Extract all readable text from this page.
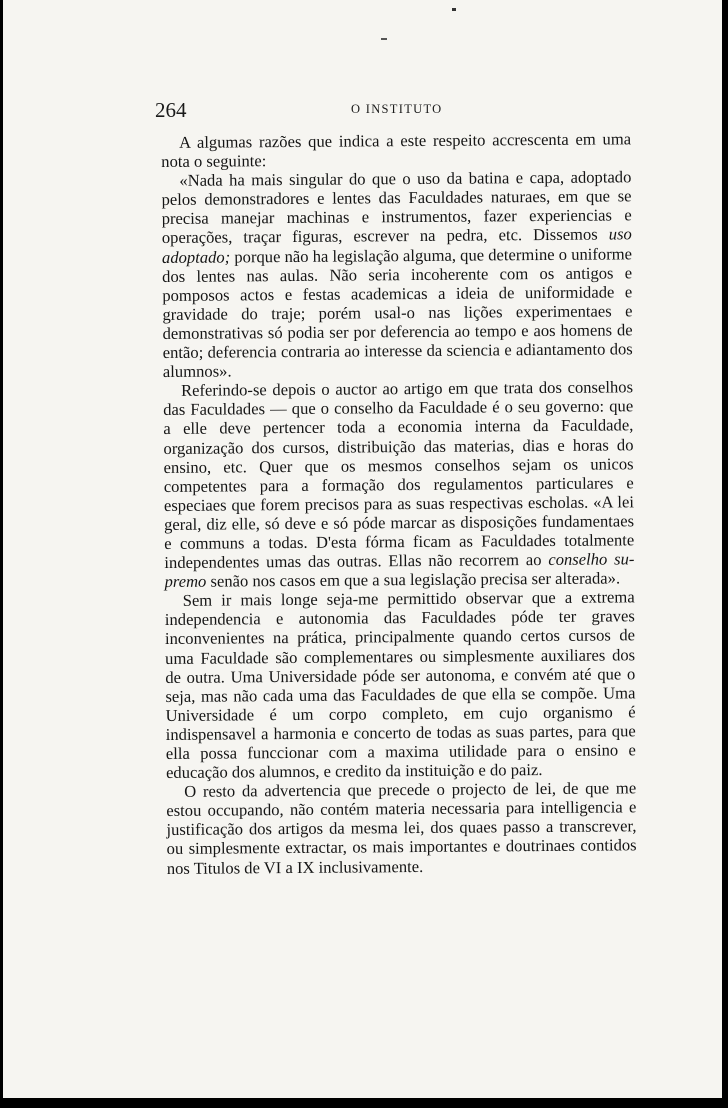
264	O INSTITUTO

A algumas razões que indica a este respeito accrescenta em uma nota o seguinte:

«Nada ha mais singular do que o uso da batina e capa, adoptado pelos demonstradores e lentes das Faculdades naturaes, em que se precisa manejar machinas e instrumentos, fazer experiencias e operações, traçar figuras, escrever na pedra, etc. Dissemos uso adoptado; porque não ha legislação alguma, que determine o uniforme dos lentes nas aulas. Não seria incoherente com os antigos e pomposos actos e festas academicas a ideia de uniformidade e gravidade do traje; porém usal-o nas lições experimentaes e demonstrativas só podia ser por deferencia ao tempo e aos homens de então; deferencia contraria ao interesse da sciencia e adiantamento dos alumnos».

Referindo-se depois o auctor ao artigo em que trata dos conselhos das Faculdades — que o conselho da Faculdade é o seu governo: que a elle deve pertencer toda a economia interna da Faculdade, organização dos cursos, distribuição das materias, dias e horas do ensino, etc. Quer que os mesmos conselhos sejam os unicos competentes para a formação dos regulamentos particulares e especiaes que forem precisos para as suas respectivas escholas. «A lei geral, diz elle, só deve e só póde marcar as disposições fundamentaes e communs a todas. D'esta fórma ficam as Faculdades totalmente independentes umas das outras. Ellas não recorrem ao conselho supremo senão nos casos em que a sua legislação precisa ser alterada».

Sem ir mais longe seja-me permittido observar que a extrema independencia e autonomia das Faculdades póde ter graves inconvenientes na prática, principalmente quando certos cursos de uma Faculdade são complementares ou simplesmente auxiliares dos de outra. Uma Universidade póde ser autonoma, e convém até que o seja, mas não cada uma das Faculdades de que ella se compõe. Uma Universidade é um corpo completo, em cujo organismo é indispensavel a harmonia e concerto de todas as suas partes, para que ella possa funccionar com a maxima utilidade para o ensino e educação dos alumnos, e credito da instituição e do paiz.

O resto da advertencia que precede o projecto de lei, de que me estou occupando, não contém materia necessaria para intelligencia e justificação dos artigos da mesma lei, dos quaes passo a transcrever, ou simplesmente extractar, os mais importantes e doutrinaes contidos nos Titulos de VI a IX inclusivamente.
